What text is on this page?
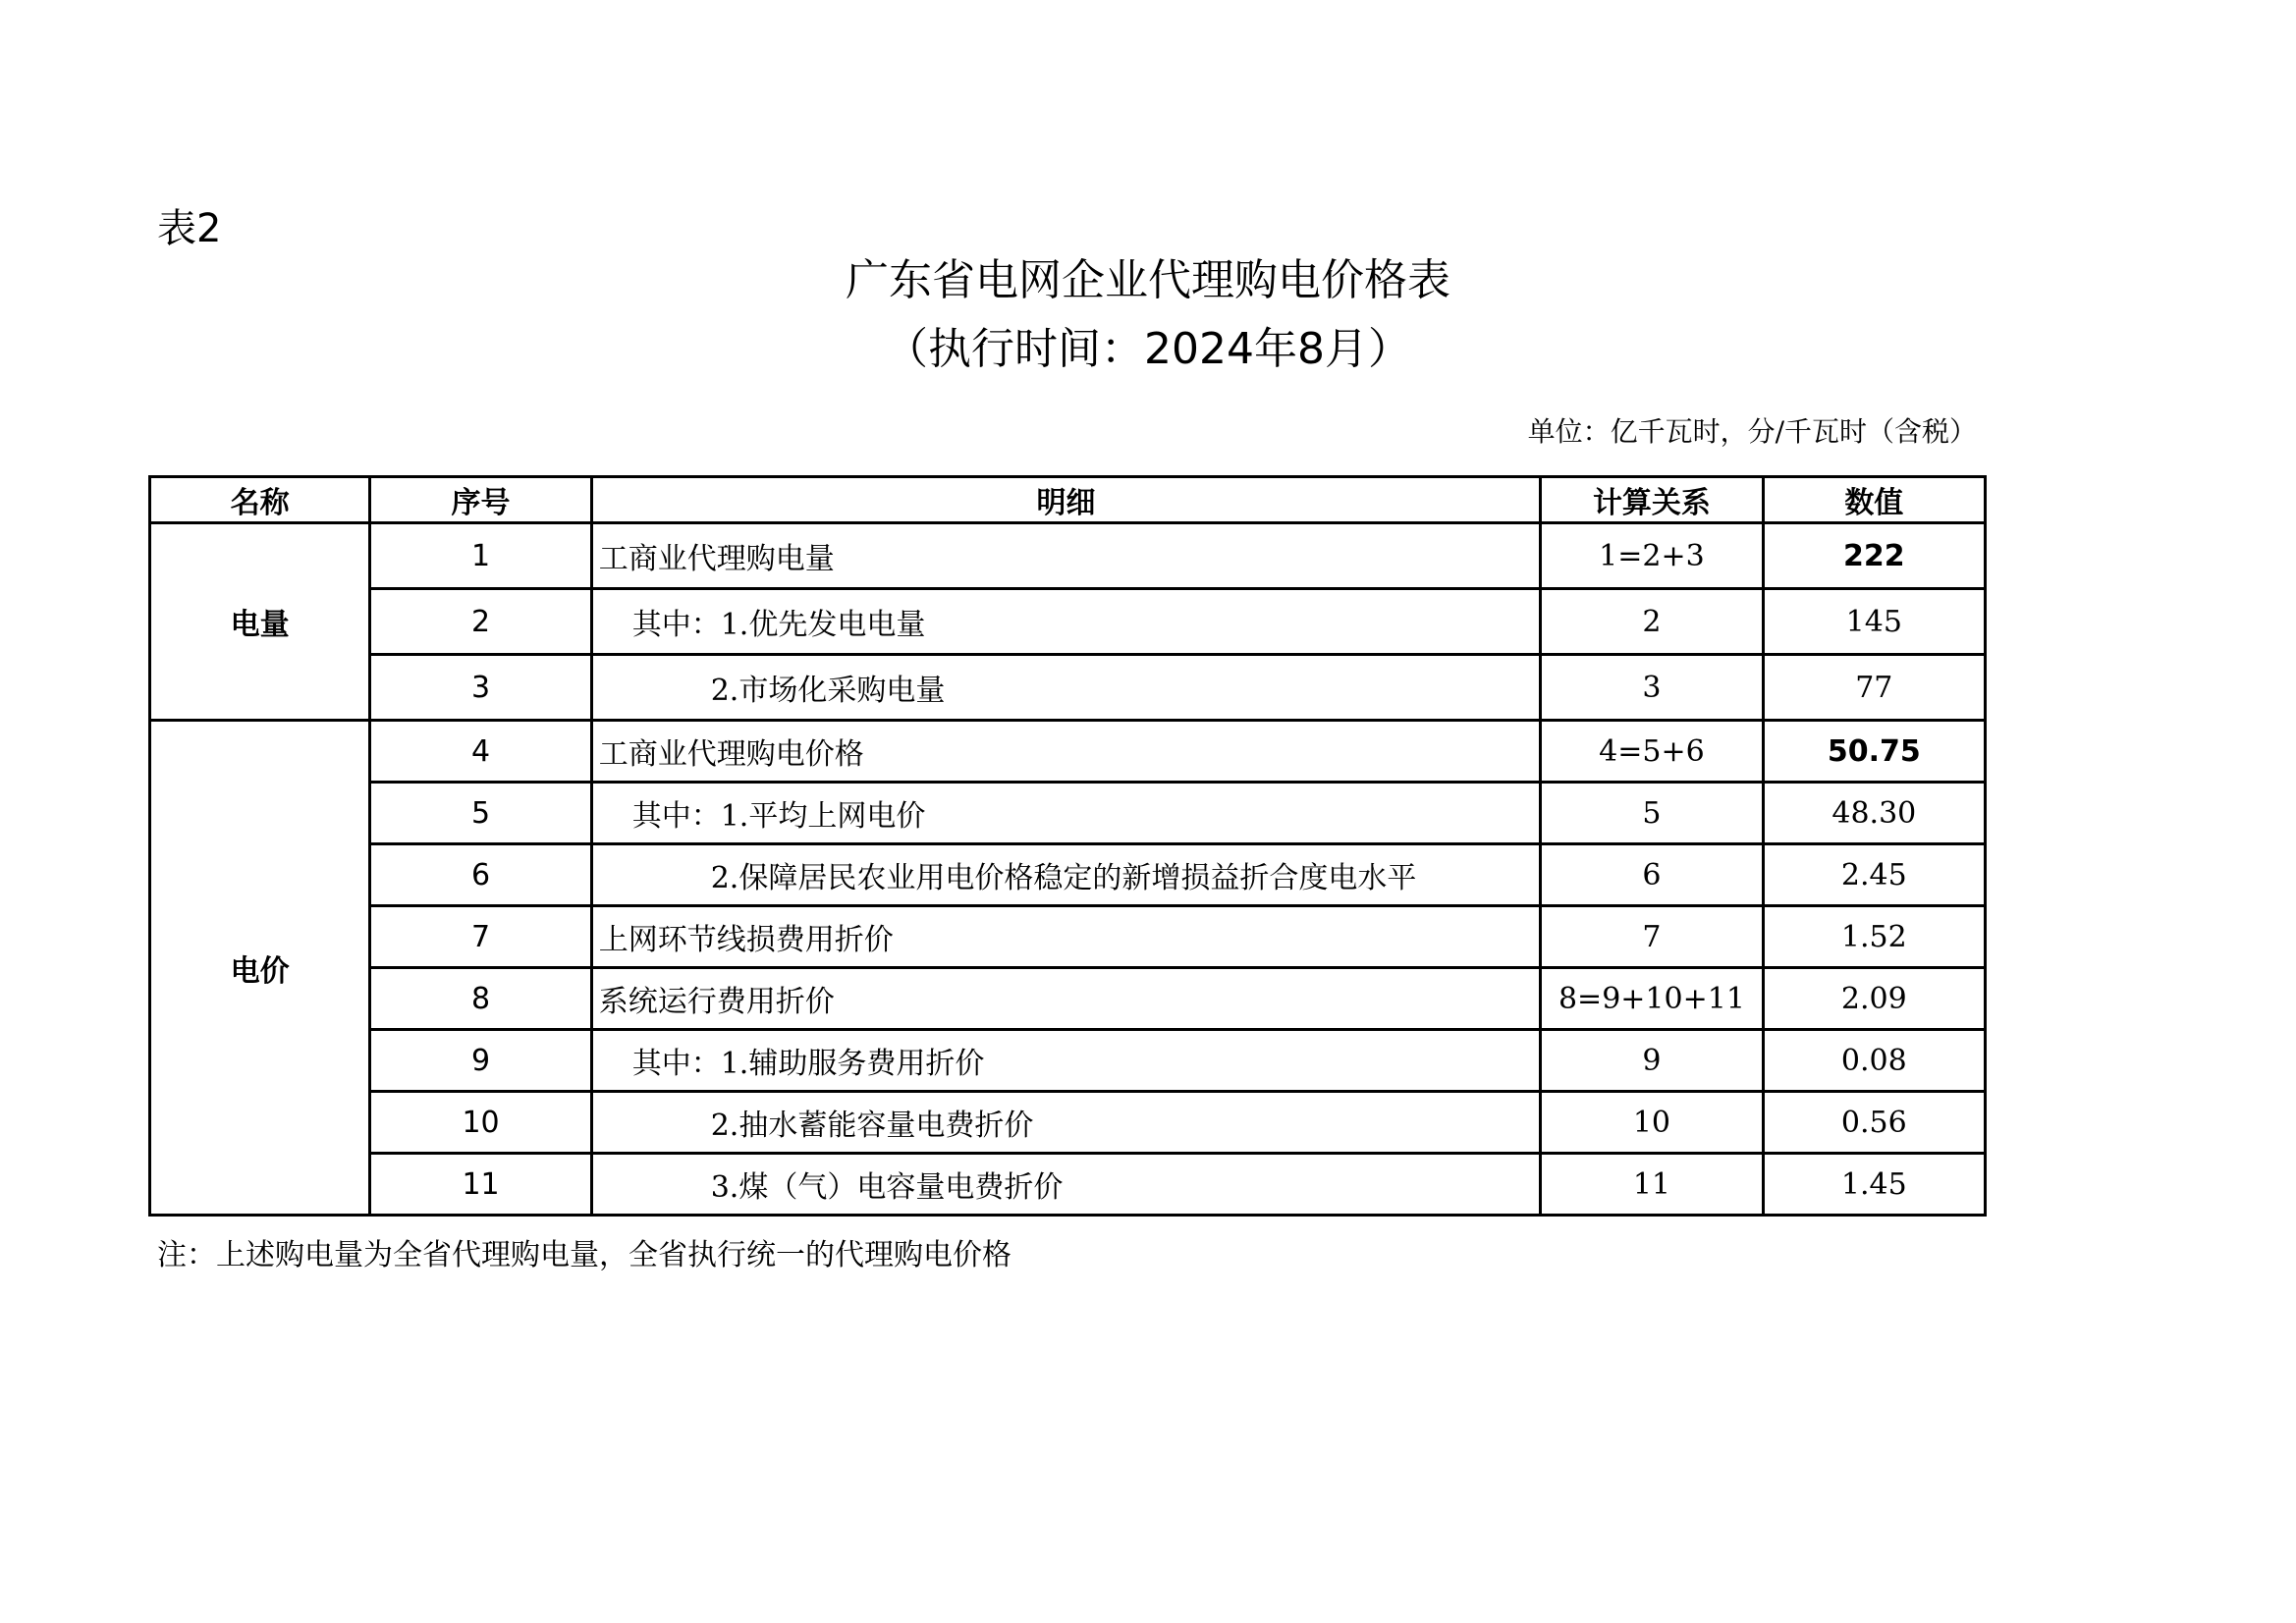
表2
广东省电网企业代理购电价格表
（执行时间：2024年8月）
单位：亿千瓦时，分/千瓦时（含税）
名称	序号	明细	计算关系	数值
电量	1	工商业代理购电量	1=2+3	222
	2	其中：1.优先发电电量	2	145
	3	2.市场化采购电量	3	77
电价	4	工商业代理购电价格	4=5+6	50.75
	5	其中：1.平均上网电价	5	48.30
	6	2.保障居民农业用电价格稳定的新增损益折合度电水平	6	2.45
	7	上网环节线损费用折价	7	1.52
	8	系统运行费用折价	8=9+10+11	2.09
	9	其中：1.辅助服务费用折价	9	0.08
	10	2.抽水蓄能容量电费折价	10	0.56
	11	3.煤（气）电容量电费折价	11	1.45
注：上述购电量为全省代理购电量，全省执行统一的代理购电价格
